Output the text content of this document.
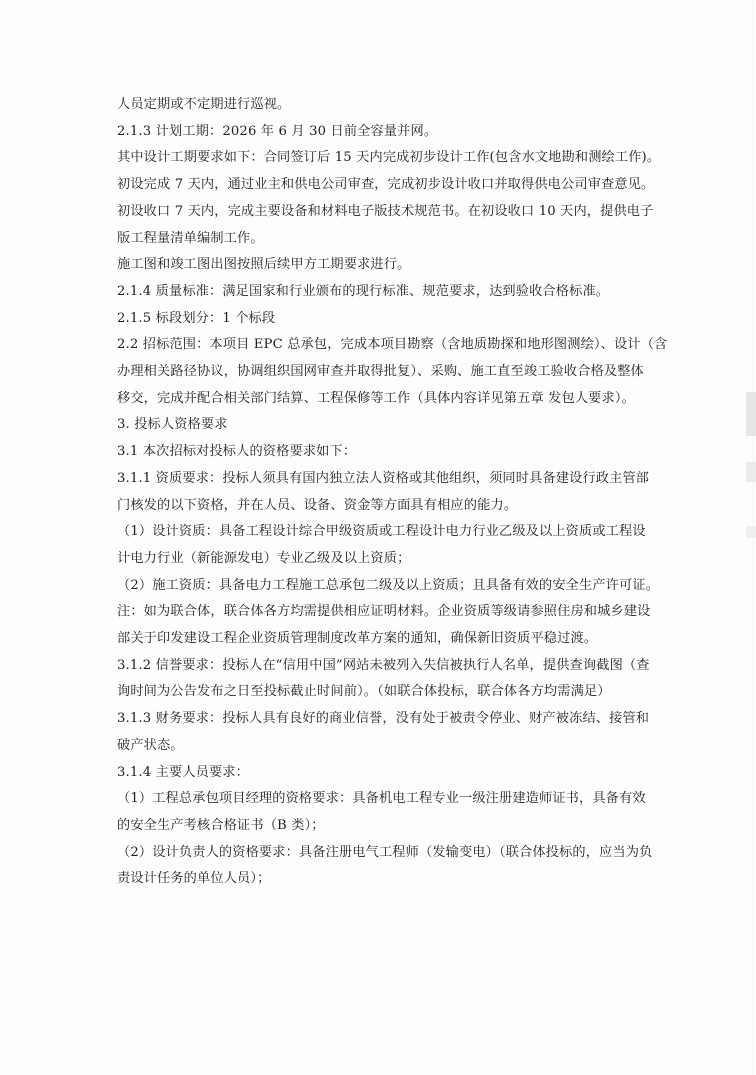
人员定期或不定期进行巡视。

2.1.3 计划工期：2026 年 6 月 30 日前全容量并网。

其中设计工期要求如下：合同签订后 15 天内完成初步设计工作(包含水文地勘和测绘工作)。

初设完成 7 天内，通过业主和供电公司审查，完成初步设计收口并取得供电公司审查意见。

初设收口 7 天内，完成主要设备和材料电子版技术规范书。在初设收口 10 天内，提供电子

版工程量清单编制工作。

施工图和竣工图出图按照后续甲方工期要求进行。

2.1.4 质量标准：满足国家和行业颁布的现行标准、规范要求，达到验收合格标准。

2.1.5 标段划分：1 个标段

2.2 招标范围：本项目 EPC 总承包，完成本项目勘察（含地质勘探和地形图测绘）、设计（含

办理相关路径协议，协调组织国网审查并取得批复）、采购、施工直至竣工验收合格及整体

移交，完成并配合相关部门结算、工程保修等工作（具体内容详见第五章 发包人要求）。

3. 投标人资格要求

3.1 本次招标对投标人的资格要求如下：

3.1.1 资质要求：投标人须具有国内独立法人资格或其他组织，须同时具备建设行政主管部

门核发的以下资格，并在人员、设备、资金等方面具有相应的能力。

（1）设计资质：具备工程设计综合甲级资质或工程设计电力行业乙级及以上资质或工程设

计电力行业（新能源发电）专业乙级及以上资质；

（2）施工资质：具备电力工程施工总承包二级及以上资质；且具备有效的安全生产许可证。

注：如为联合体，联合体各方均需提供相应证明材料。企业资质等级请参照住房和城乡建设

部关于印发建设工程企业资质管理制度改革方案的通知，确保新旧资质平稳过渡。

3.1.2 信誉要求：投标人在“信用中国”网站未被列入失信被执行人名单，提供查询截图（查

询时间为公告发布之日至投标截止时间前）。（如联合体投标，联合体各方均需满足）

3.1.3 财务要求：投标人具有良好的商业信誉，没有处于被责令停业、财产被冻结、接管和

破产状态。

3.1.4 主要人员要求：

（1）工程总承包项目经理的资格要求：具备机电工程专业一级注册建造师证书，具备有效

的安全生产考核合格证书（B 类）；

（2）设计负责人的资格要求：具备注册电气工程师（发输变电）（联合体投标的，应当为负

责设计任务的单位人员）；
